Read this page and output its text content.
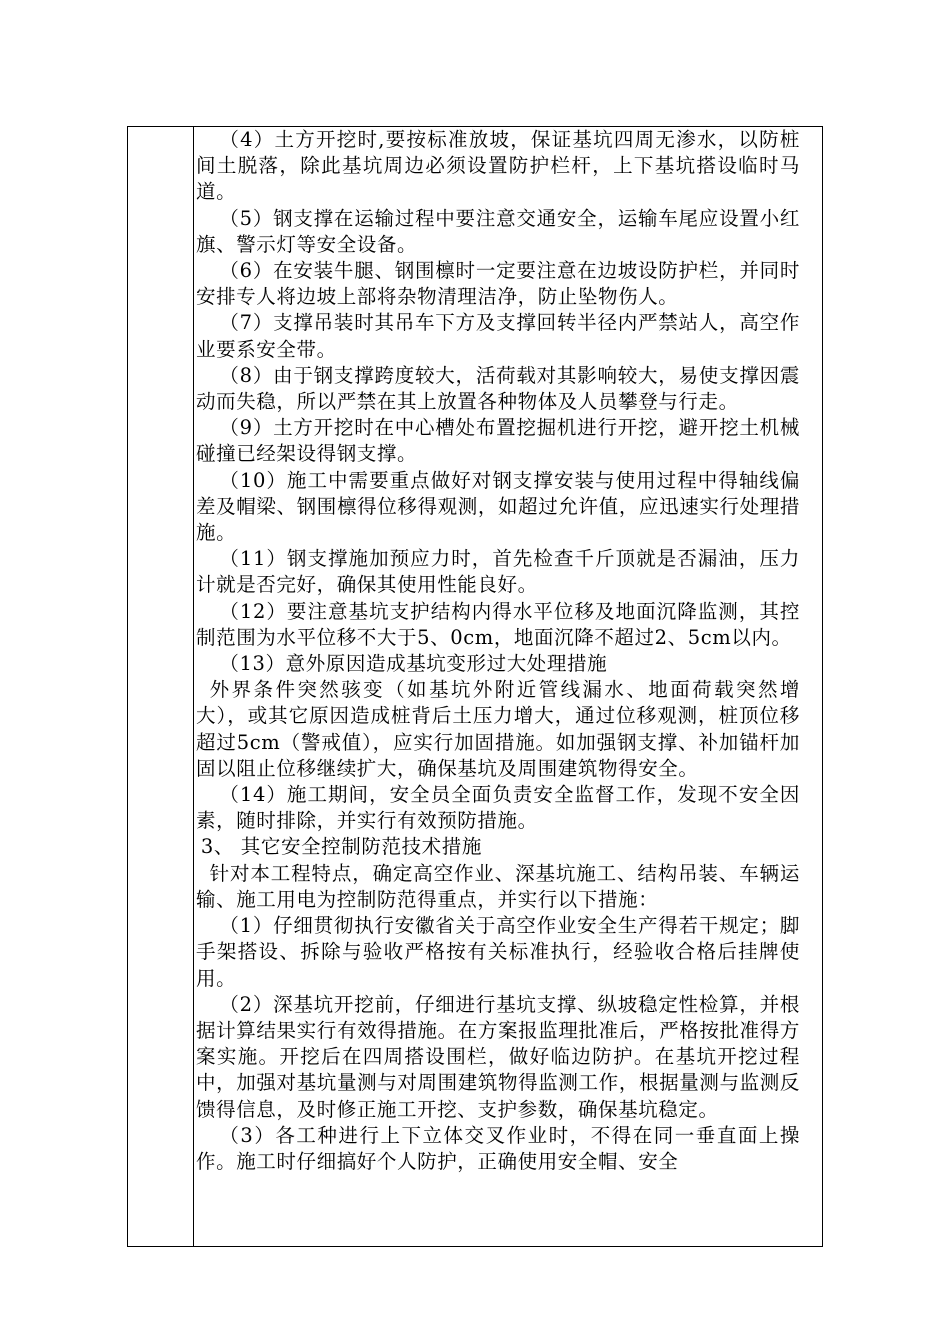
（4）土方开挖时,要按标准放坡，保证基坑四周无渗水，以防桩间土脱落，除此基坑周边必须设置防护栏杆，上下基坑搭设临时马道。

（5）钢支撑在运输过程中要注意交通安全，运输车尾应设置小红旗、警示灯等安全设备。

（6）在安装牛腿、钢围檩时一定要注意在边坡设防护栏，并同时安排专人将边坡上部将杂物清理洁净，防止坠物伤人。

（7）支撑吊装时其吊车下方及支撑回转半径内严禁站人，高空作业要系安全带。

（8）由于钢支撑跨度较大，活荷载对其影响较大，易使支撑因震动而失稳，所以严禁在其上放置各种物体及人员攀登与行走。

（9）土方开挖时在中心槽处布置挖掘机进行开挖，避开挖土机械碰撞已经架设得钢支撑。

（10）施工中需要重点做好对钢支撑安装与使用过程中得轴线偏差及帽梁、钢围檩得位移得观测，如超过允许值，应迅速实行处理措施。

（11）钢支撑施加预应力时，首先检查千斤顶就是否漏油，压力计就是否完好，确保其使用性能良好。

（12）要注意基坑支护结构内得水平位移及地面沉降监测，其控制范围为水平位移不大于5、0cm，地面沉降不超过2、5cm以内。

（13）意外原因造成基坑变形过大处理措施

外界条件突然骇变（如基坑外附近管线漏水、地面荷载突然增大），或其它原因造成桩背后土压力增大，通过位移观测，桩顶位移超过5cm（警戒值），应实行加固措施。如加强钢支撑、补加锚杆加固以阻止位移继续扩大，确保基坑及周围建筑物得安全。

（14）施工期间，安全员全面负责安全监督工作，发现不安全因素，随时排除，并实行有效预防措施。

3、 其它安全控制防范技术措施

针对本工程特点，确定高空作业、深基坑施工、结构吊装、车辆运输、施工用电为控制防范得重点，并实行以下措施：

（1）仔细贯彻执行安徽省关于高空作业安全生产得若干规定；脚手架搭设、拆除与验收严格按有关标准执行，经验收合格后挂牌使用。

（2）深基坑开挖前，仔细进行基坑支撑、纵坡稳定性检算，并根据计算结果实行有效得措施。在方案报监理批准后，严格按批准得方案实施。开挖后在四周搭设围栏，做好临边防护。在基坑开挖过程中，加强对基坑量测与对周围建筑物得监测工作，根据量测与监测反馈得信息，及时修正施工开挖、支护参数，确保基坑稳定。

（3）各工种进行上下立体交叉作业时，不得在同一垂直面上操作。施工时仔细搞好个人防护，正确使用安全帽、安全
